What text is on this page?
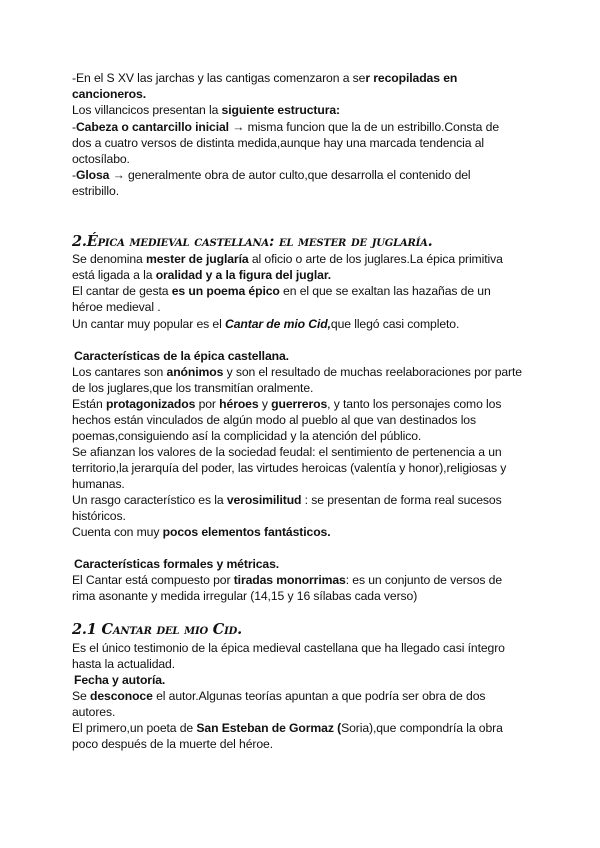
-En el S XV las jarchas y las cantigas comenzaron a ser recopiladas en
cancioneros.
Los villancicos presentan la siguiente estructura:
-Cabeza o cantarcillo inicial → misma funcion que la de un estribillo.Consta de
dos a cuatro versos de distinta medida,aunque hay una marcada tendencia al
octosílabo.
-Glosa → generalmente obra de autor culto,que desarrolla el contenido del
estribillo.
2.Épica medieval castellana: el mester de juglaría.
Se denomina mester de juglaría al oficio o arte de los juglares.La épica primitiva
está ligada a la oralidad y a la figura del juglar.
El cantar de gesta es un poema épico en el que se exaltan las hazañas de un
héroe medieval .
Un cantar muy popular es el Cantar de mio Cid,que llegó casi completo.
Características de la épica castellana.
Los cantares son anónimos y son el resultado de muchas reelaboraciones por parte
de los juglares,que los transmitían oralmente.
Están protagonizados por héroes y guerreros, y tanto los personajes como los
hechos están vinculados de algún modo al pueblo al que van destinados los
poemas,consiguiendo así la complicidad y la atención del público.
Se afianzan los valores de la sociedad feudal: el sentimiento de pertenencia a un
territorio,la jerarquía del poder, las virtudes heroicas (valentía y honor),religiosas y
humanas.
Un rasgo característico es la verosimilitud : se presentan de forma real sucesos
históricos.
Cuenta con muy pocos elementos fantásticos.
Características formales y métricas.
El Cantar está compuesto por tiradas monorrimas: es un conjunto de versos de
rima asonante y medida irregular (14,15 y 16 sílabas cada verso)
2.1 Cantar del mio Cid.
Es el único testimonio de la épica medieval castellana que ha llegado casi íntegro
hasta la actualidad.
Fecha y autoría.
Se desconoce el autor.Algunas teorías apuntan a que podría ser obra de dos
autores.
El primero,un poeta de San Esteban de Gormaz (Soria),que compondría la obra
poco después de la muerte del héroe.
